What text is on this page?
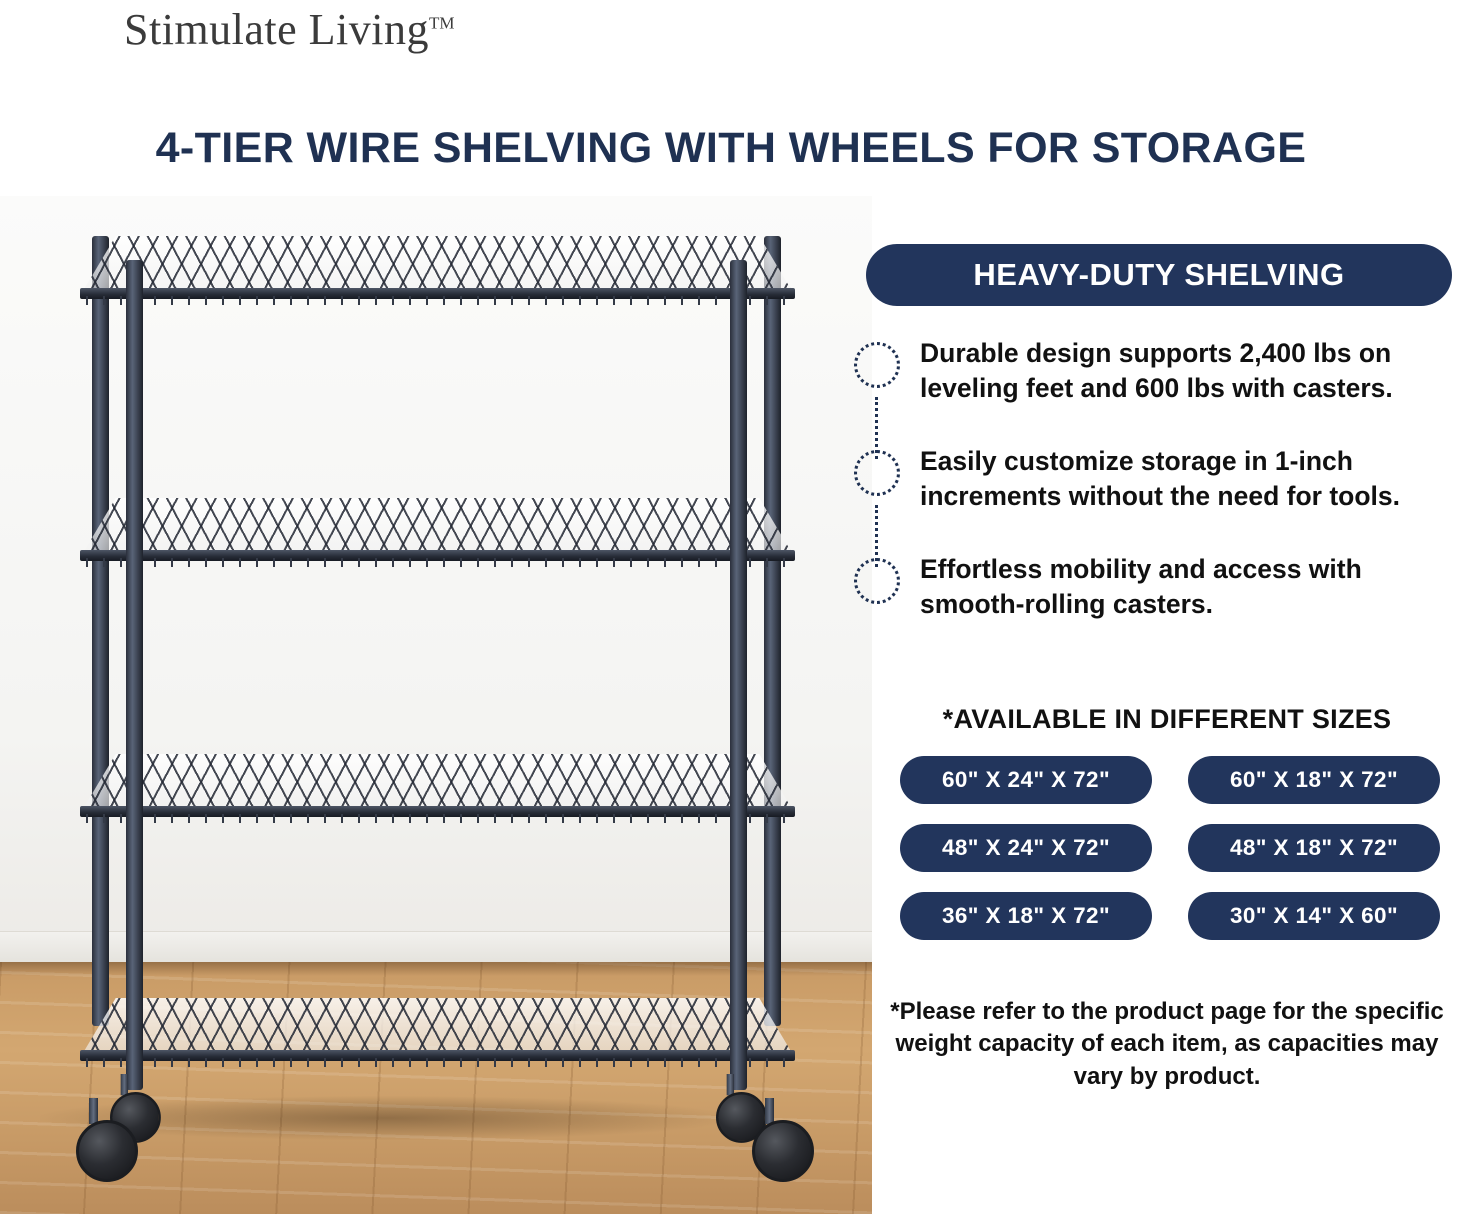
Stimulate Living™
4-TIER WIRE SHELVING WITH WHEELS FOR STORAGE
HEAVY-DUTY SHELVING
Durable design supports 2,400 lbs on leveling feet and 600 lbs with casters.
Easily customize storage in 1-inch increments without the need for tools.
Effortless mobility and access with smooth-rolling casters.
*AVAILABLE IN DIFFERENT SIZES
60" X 24" X 72"	60" X 18" X 72"
48" X 24" X 72"	48" X 18" X 72"
36" X 18" X 72"	30" X 14" X 60"
*Please refer to the product page for the specific weight capacity of each item, as capacities may vary by product.
